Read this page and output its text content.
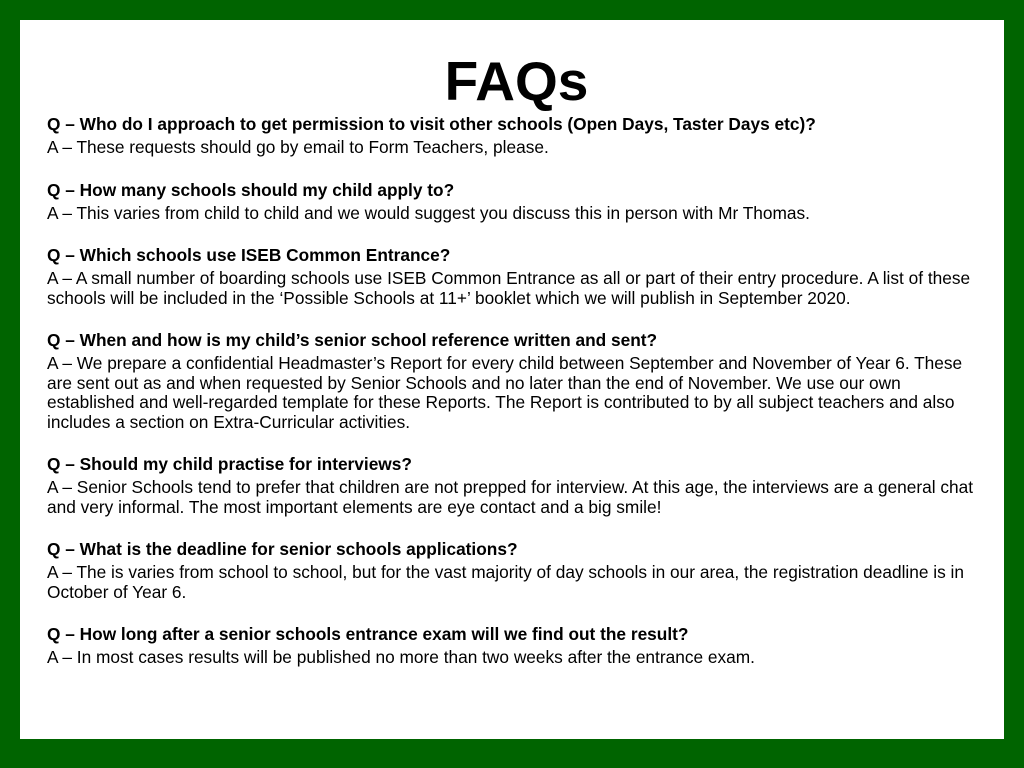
FAQs

Q – Who do I approach to get permission to visit other schools (Open Days, Taster Days etc)?

A – These requests should go by email to Form Teachers, please.

Q – How many schools should my child apply to?

A – This varies from child to child and we would suggest you discuss this in person with Mr Thomas.

Q – Which schools use ISEB Common Entrance?

A – A small number of boarding schools use ISEB Common Entrance as all or part of their entry procedure. A list of these schools will be included in the ‘Possible Schools at 11+’ booklet which we will publish in September 2020.

Q – When and how is my child’s senior school reference written and sent?

A – We prepare a confidential Headmaster’s Report for every child between September and November of Year 6. These are sent out as and when requested by Senior Schools and no later than the end of November. We use our own established and well-regarded template for these Reports. The Report is contributed to by all subject teachers and also includes a section on Extra-Curricular activities.

Q – Should my child practise for interviews?

A – Senior Schools tend to prefer that children are not prepped for interview. At this age, the interviews are a general chat and very informal. The most important elements are eye contact and a big smile!

Q – What is the deadline for senior schools applications?

A – The is varies from school to school, but for the vast majority of day schools in our area, the registration deadline is in October of Year 6.

Q – How long after a senior schools entrance exam will we find out the result?

A – In most cases results will be published no more than two weeks after the entrance exam.
